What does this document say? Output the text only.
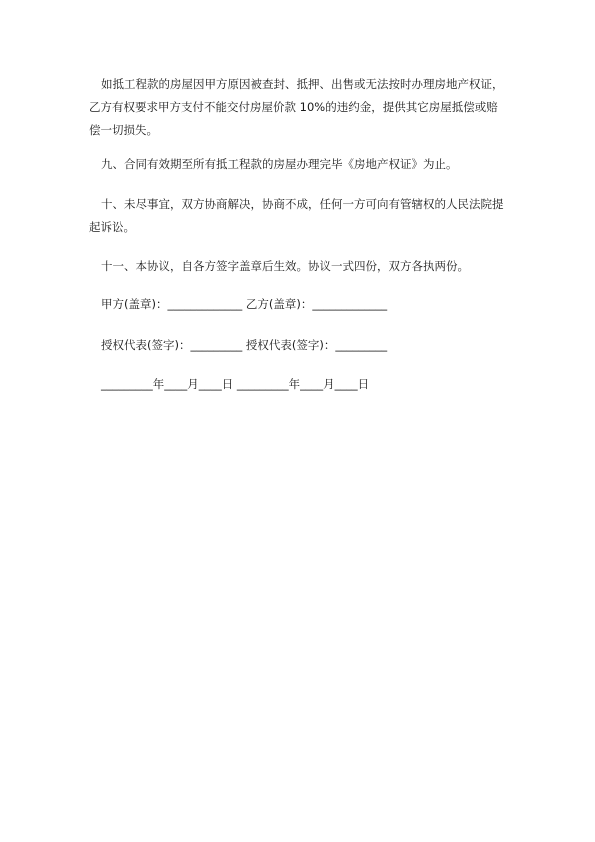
如抵工程款的房屋因甲方原因被查封、抵押、出售或无法按时办理房地产权证，乙方有权要求甲方支付不能交付房屋价款 10%的违约金，提供其它房屋抵偿或赔偿一切损失。

九、合同有效期至所有抵工程款的房屋办理完毕《房地产权证》为止。

十、未尽事宜，双方协商解决，协商不成，任何一方可向有管辖权的人民法院提起诉讼。

十一、本协议，自各方签字盖章后生效。协议一式四份，双方各执两份。

甲方(盖章)：_____________ 乙方(盖章)：_____________

授权代表(签字)：_________ 授权代表(签字)：_________

_________年____月____日 _________年____月____日
